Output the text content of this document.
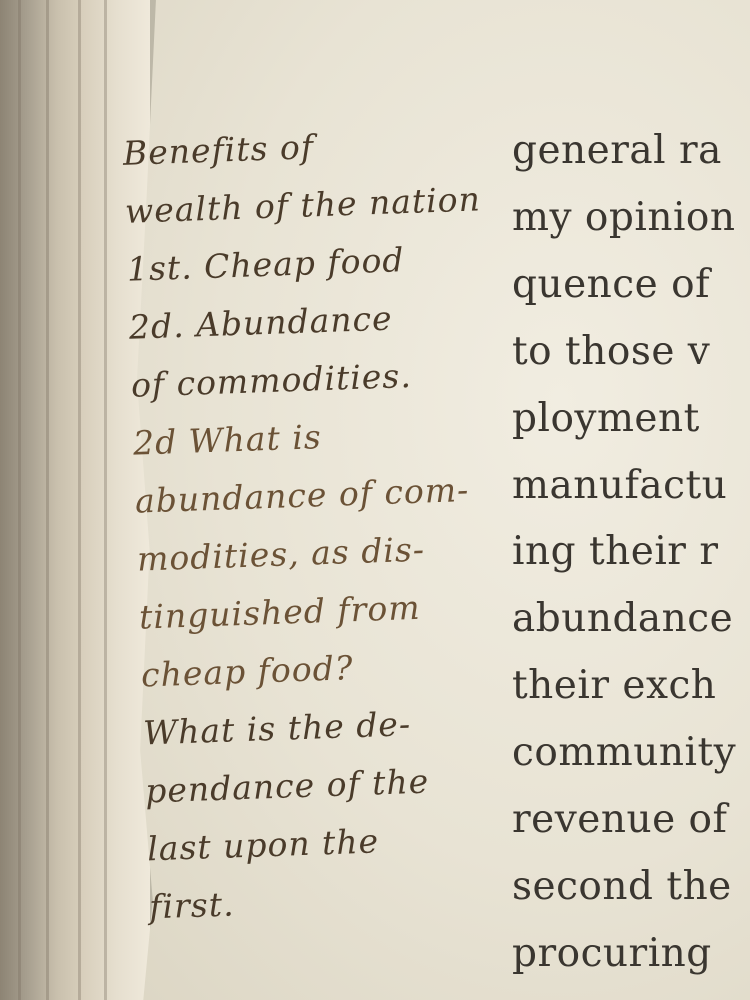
Benefits of
wealth of the nation
1st. Cheap food
2d. Abundance
of commodities.
2d What is
abundance of com-
modities, as dis-
tinguished from
cheap food?
What is the de-
pendance of the
last upon the
first.
general ra
my opinion
quence of
to those v
ployment
manufactu
ing their r
abundance
their exch
community
revenue of
second the
procuring
